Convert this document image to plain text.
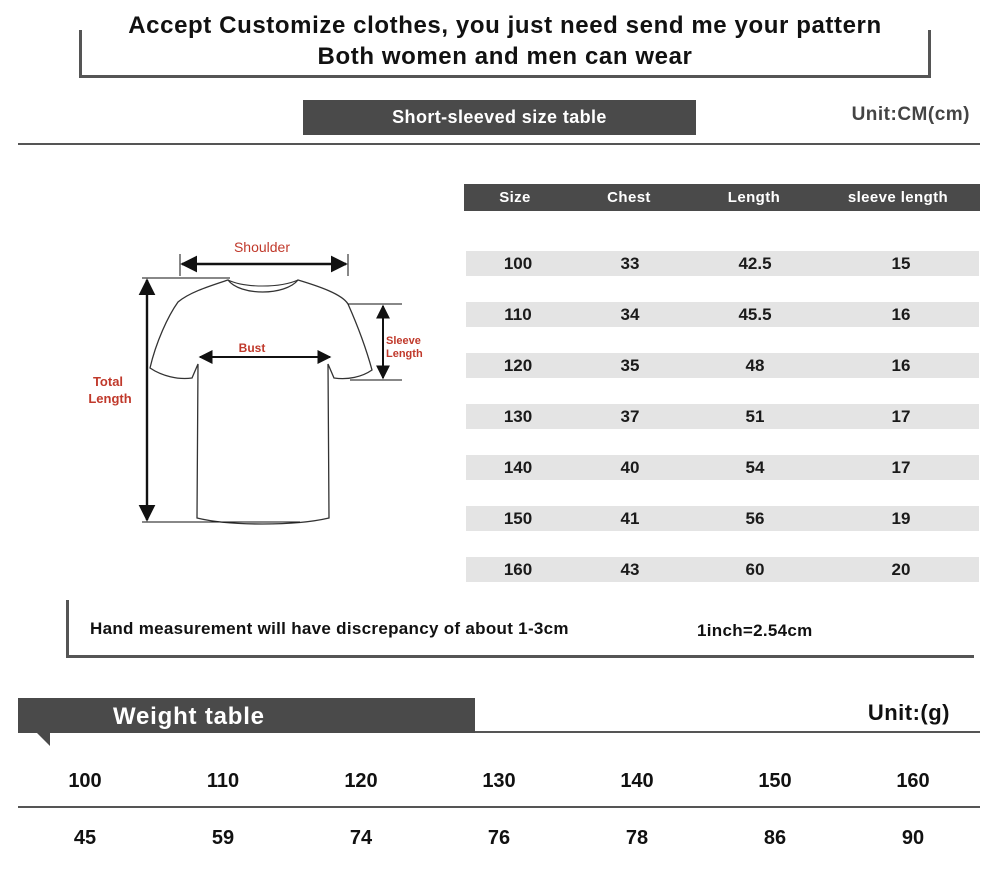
Accept Customize clothes, you just need send me your pattern
Both women and men can wear
Short-sleeved size table	Unit:CM(cm)
Shoulder
Bust	Sleeve
Length
Total
Length
Size	Chest	Length	sleeve length
100	33	42.5	15
110	34	45.5	16
120	35	48	16
130	37	51	17
140	40	54	17
150	41	56	19
160	43	60	20
Hand measurement will have discrepancy of about 1-3cm	1inch=2.54cm
Weight table	Unit:(g)
100	110	120	130	140	150	160
45	59	74	76	78	86	90
